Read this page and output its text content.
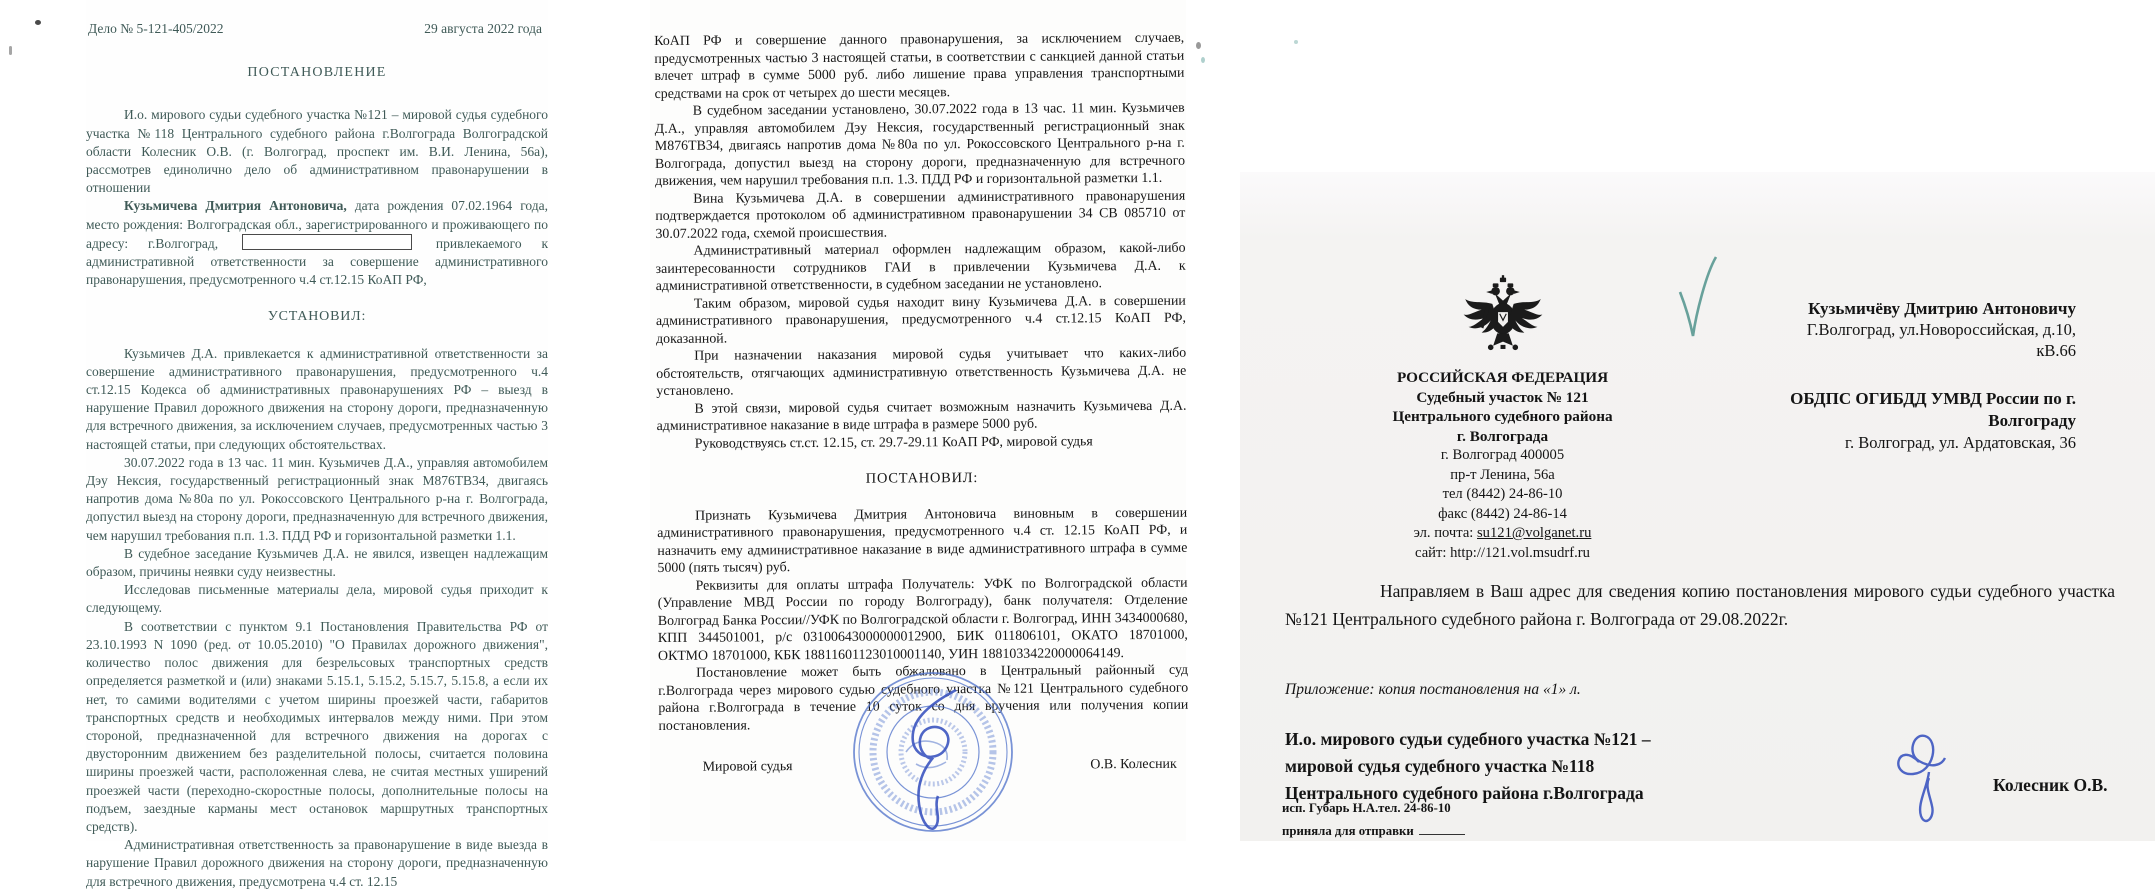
Дело № 5-121-405/2022	29 августа 2022 года
ПОСТАНОВЛЕНИЕ

И.о. мирового судьи судебного участка №121 – мировой судья судебного участка №118 Центрального судебного района г.Волгограда Волгоградской области Колесник О.В. (г. Волгоград, проспект им. В.И. Ленина, 56а), рассмотрев единолично дело об административном правонарушении в отношении

Кузьмичева Дмитрия Антоновича, дата рождения 07.02.1964 года, место рождения: Волгоградская обл., зарегистрированного и проживающего по адресу: г.Волгоград,	привлекаемого к административной ответственности за совершение административного правонарушения, предусмотренного ч.4 ст.12.15 КоАП РФ,

УСТАНОВИЛ:

Кузьмичев Д.А. привлекается к административной ответственности за совершение административного правонарушения, предусмотренного ч.4 ст.12.15 Кодекса об административных правонарушениях РФ – выезд в нарушение Правил дорожного движения на сторону дороги, предназначенную для встречного движения, за исключением случаев, предусмотренных частью 3 настоящей статьи, при следующих обстоятельствах.

30.07.2022 года в 13 час. 11 мин. Кузьмичев Д.А., управляя автомобилем Дэу Нексия, государственный регистрационный знак М876ТВ34, двигаясь напротив дома №80а по ул. Рокоссовского Центрального р-на г. Волгограда, допустил выезд на сторону дороги, предназначенную для встречного движения, чем нарушил требования п.п. 1.3. ПДД РФ и горизонтальной разметки 1.1.

В судебное заседание Кузьмичев Д.А. не явился, извещен надлежащим образом, причины неявки суду неизвестны.

Исследовав письменные материалы дела, мировой судья приходит к следующему.

В соответствии с пунктом 9.1 Постановления Правительства РФ от 23.10.1993 N 1090 (ред. от 10.05.2010) "О Правилах дорожного движения", количество полос движения для безрельсовых транспортных средств определяется разметкой и (или) знаками 5.15.1, 5.15.2, 5.15.7, 5.15.8, а если их нет, то самими водителями с учетом ширины проезжей части, габаритов транспортных средств и необходимых интервалов между ними. При этом стороной, предназначенной для встречного движения на дорогах с двусторонним движением без разделительной полосы, считается половина ширины проезжей части, расположенная слева, не считая местных уширений проезжей части (переходно-скоростные полосы, дополнительные полосы на подъем, заездные карманы мест остановок маршрутных транспортных средств).

Административная ответственность за правонарушение в виде выезда в нарушение Правил дорожного движения на сторону дороги, предназначенную для встречного движения, предусмотрена ч.4 ст. 12.15

КоАП РФ и совершение данного правонарушения, за исключением случаев, предусмотренных частью 3 настоящей статьи, в соответствии с санкцией данной статьи влечет штраф в сумме 5000 руб. либо лишение права управления транспортными средствами на срок от четырех до шести месяцев.

В судебном заседании установлено, 30.07.2022 года в 13 час. 11 мин. Кузьмичев Д.А., управляя автомобилем Дэу Нексия, государственный регистрационный знак М876ТВ34, двигаясь напротив дома №80а по ул. Рокоссовского Центрального р-на г. Волгограда, допустил выезд на сторону дороги, предназначенную для встречного движения, чем нарушил требования п.п. 1.3. ПДД РФ и горизонтальной разметки 1.1.

Вина Кузьмичева Д.А. в совершении административного правонарушения подтверждается протоколом об административном правонарушении 34 СВ 085710 от 30.07.2022 года, схемой происшествия.

Административный материал оформлен надлежащим образом, какой-либо заинтересованности сотрудников ГАИ в привлечении Кузьмичева Д.А. к административной ответственности, в судебном заседании не установлено.

Таким образом, мировой судья находит вину Кузьмичева Д.А. в совершении административного правонарушения, предусмотренного ч.4 ст.12.15 КоАП РФ, доказанной.

При назначении наказания мировой судья учитывает что каких-либо обстоятельств, отягчающих административную ответственность Кузьмичева Д.А. не установлено.

В этой связи, мировой судья считает возможным назначить Кузьмичева Д.А. административное наказание в виде штрафа в размере 5000 руб.

Руководствуясь ст.ст. 12.15, ст. 29.7-29.11 КоАП РФ, мировой судья

ПОСТАНОВИЛ:

Признать Кузьмичева Дмитрия Антоновича виновным в совершении административного правонарушения, предусмотренного ч.4 ст. 12.15 КоАП РФ, и назначить ему административное наказание в виде административного штрафа в сумме 5000 (пять тысяч) руб.

Реквизиты для оплаты штрафа Получатель: УФК по Волгоградской области (Управление МВД России по городу Волгограду), банк получателя: Отделение Волгоград Банка России//УФК по Волгоградской области г. Волгоград, ИНН 3434000680, КПП 344501001, р/с 03100643000000012900, БИК 011806101, ОКАТО 18701000, ОКТМО 18701000, КБК 18811601123010001140, УИН 18810334220000064149.

Постановление может быть обжаловано в Центральный районный суд г.Волгограда через мирового судью судебного участка №121 Центрального судебного района г.Волгограда в течение 10 суток со дня вручения или получения копии постановления.

Мировой судья	О.В. Колесник
РОССИЙСКАЯ ФЕДЕРАЦИЯ
Судебный участок № 121
Центрального судебного района
г. Волгограда
г. Волгоград 400005
пр-т Ленина, 56а
тел (8442) 24-86-10
факс (8442) 24-86-14
эл. почта: su121@volganet.ru
сайт: http://121.vol.msudrf.ru
Кузьмичёву Дмитрию Антоновичу
Г.Волгоград, ул.Новороссийская, д.10,
кВ.66
ОБДПС ОГИБДД УМВД России по г.
Волгограду
г. Волгоград, ул. Ардатовская, 36

Направляем в Ваш адрес для сведения копию постановления мирового судьи судебного участка №121 Центрального судебного района г. Волгограда от 29.08.2022г.

Приложение: копия постановления на «1» л.

И.о. мирового судьи судебного участка №121 –
мировой судья судебного участка №118
Центрального судебного района г.Волгограда	Колесник О.В.
исп. Губарь Н.А.тел. 24-86-10
приняла для отправки
